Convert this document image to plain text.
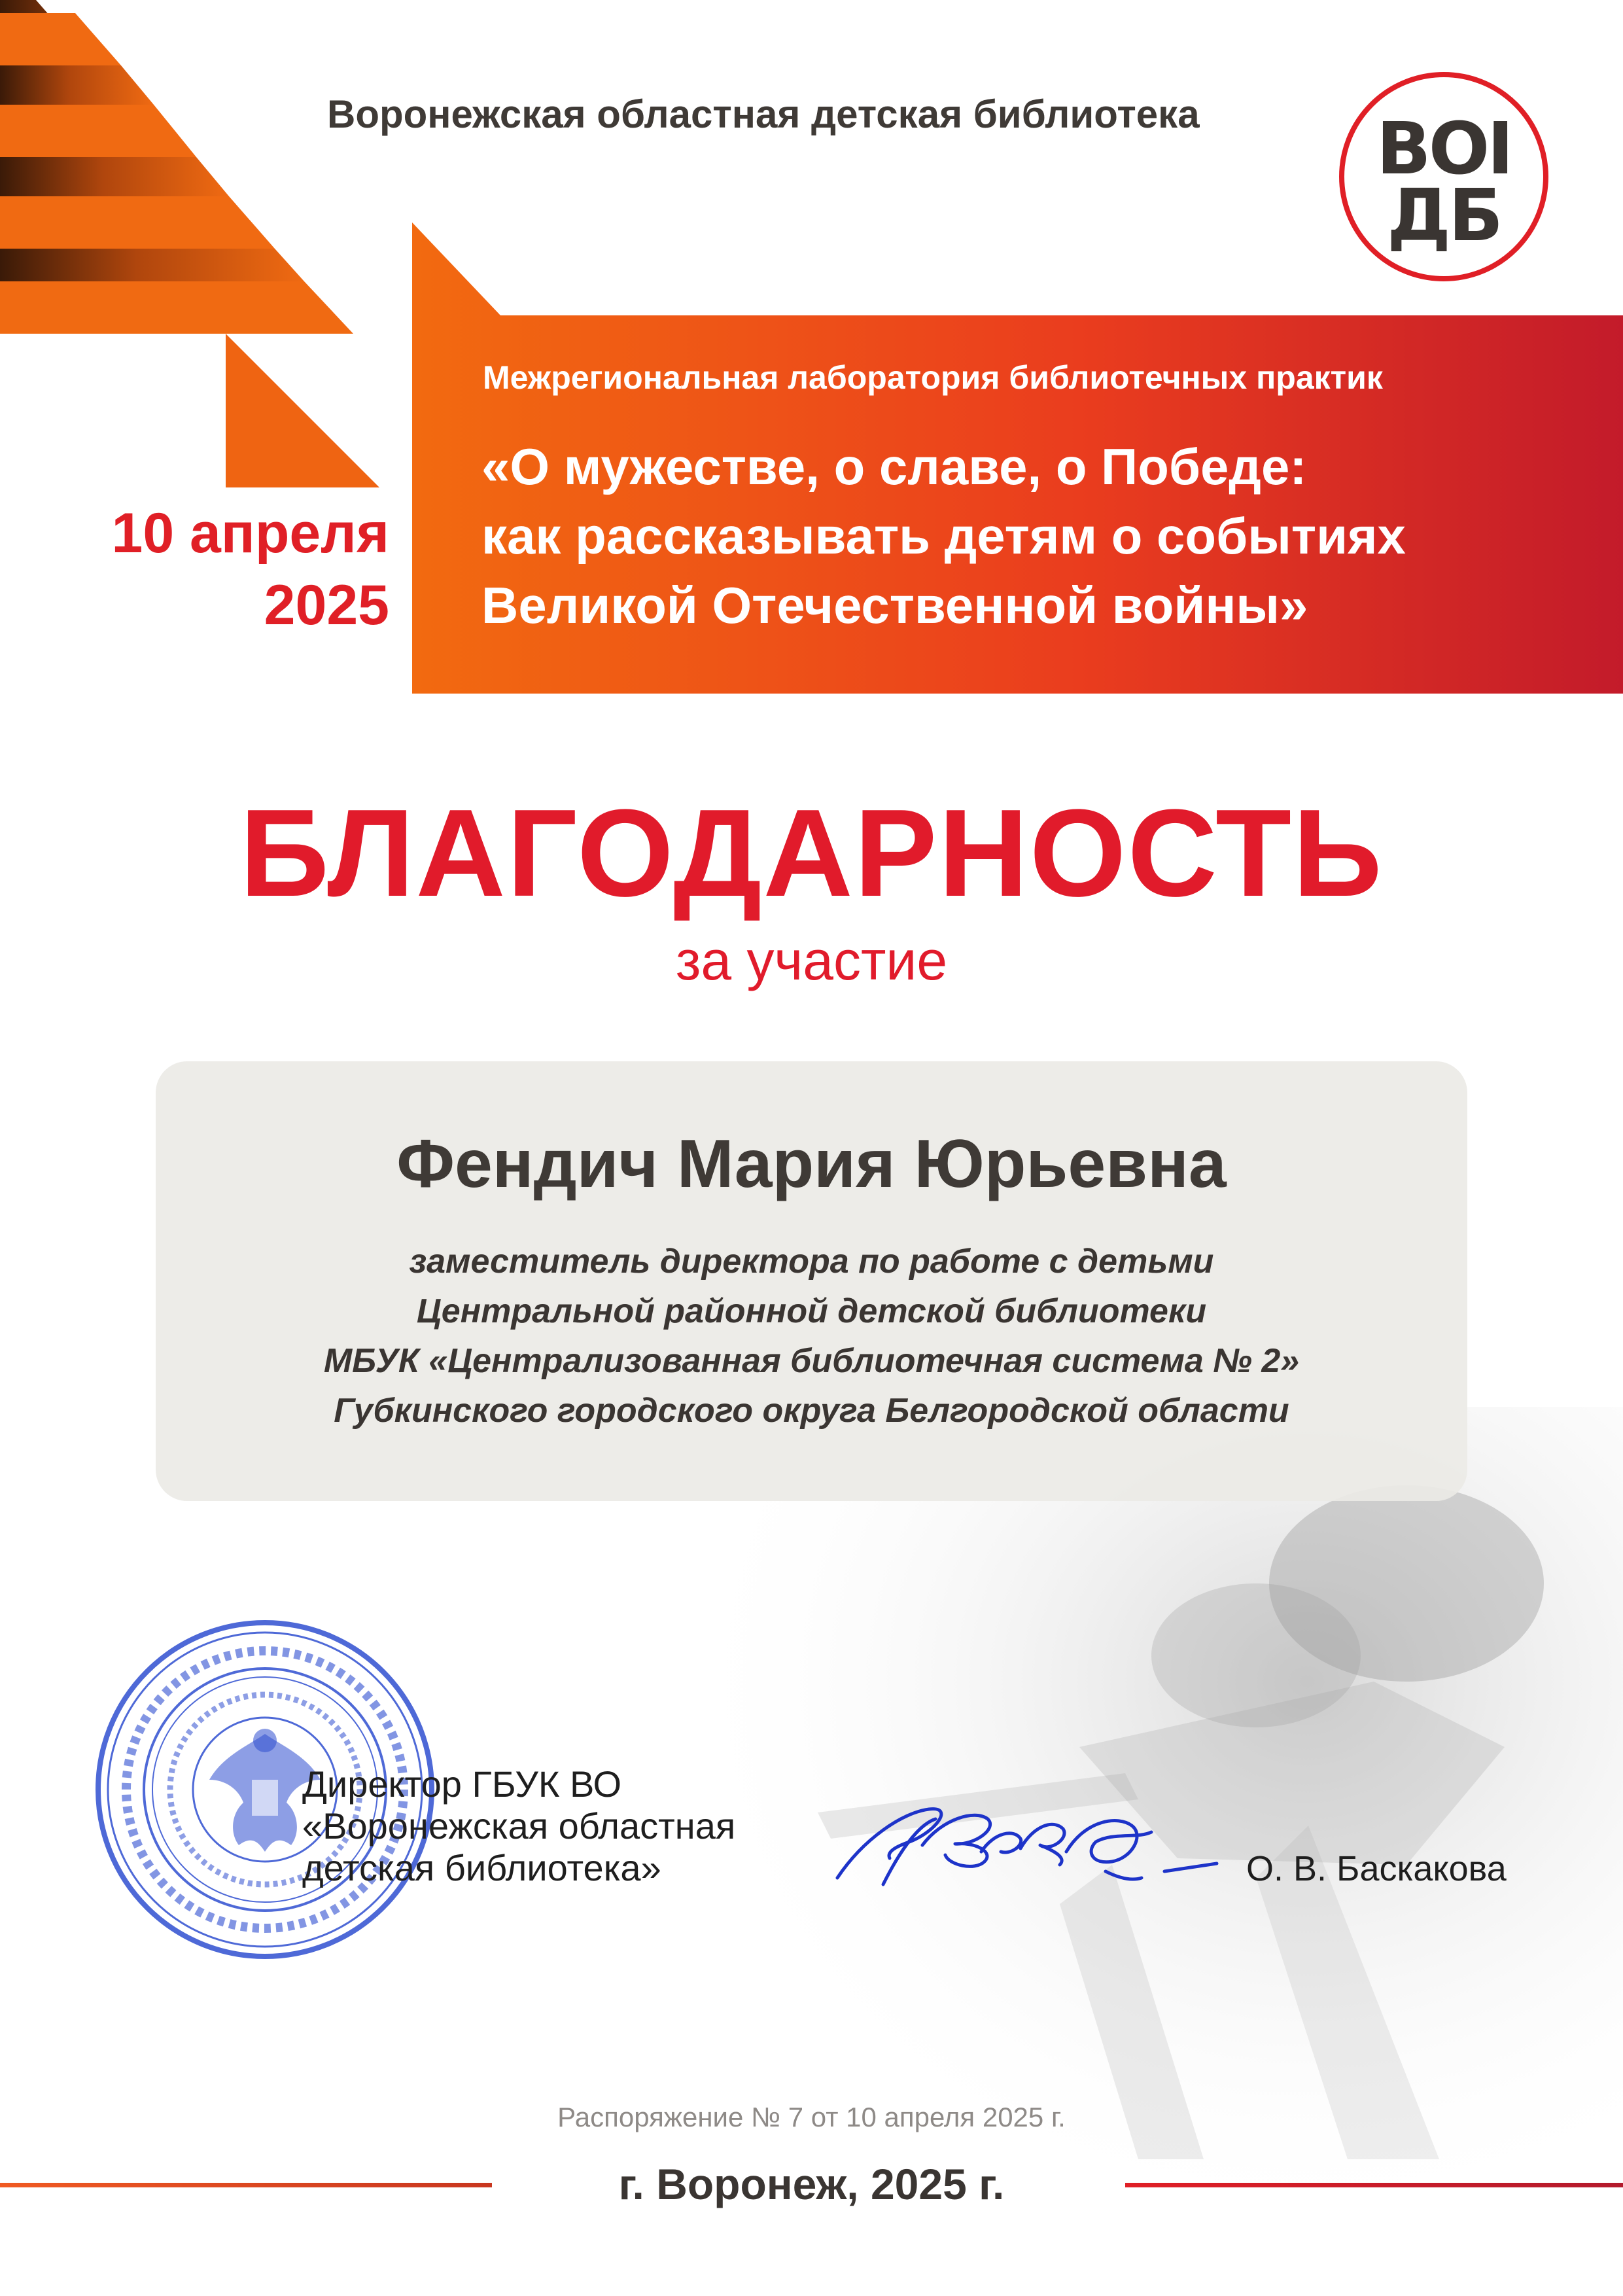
Воронежская областная детская библиотека	ВОI
ДБ
Межрегиональная лаборатория библиотечных практик
«О мужестве, о славе, о Победе:
как рассказывать детям о событиях
Великой Отечественной войны»
10 апреля
2025
БЛАГОДАРНОСТЬ
за участие
Фендич Мария Юрьевна
заместитель директора по работе с детьми
Центральной районной детской библиотеки
МБУК «Централизованная библиотечная система № 2»
Губкинского городского округа Белгородской области
Директор ГБУК ВО
«Воронежская областная
детская библиотека»	О. В. Баскакова
Распоряжение № 7 от 10 апреля 2025 г.
г. Воронеж, 2025 г.
